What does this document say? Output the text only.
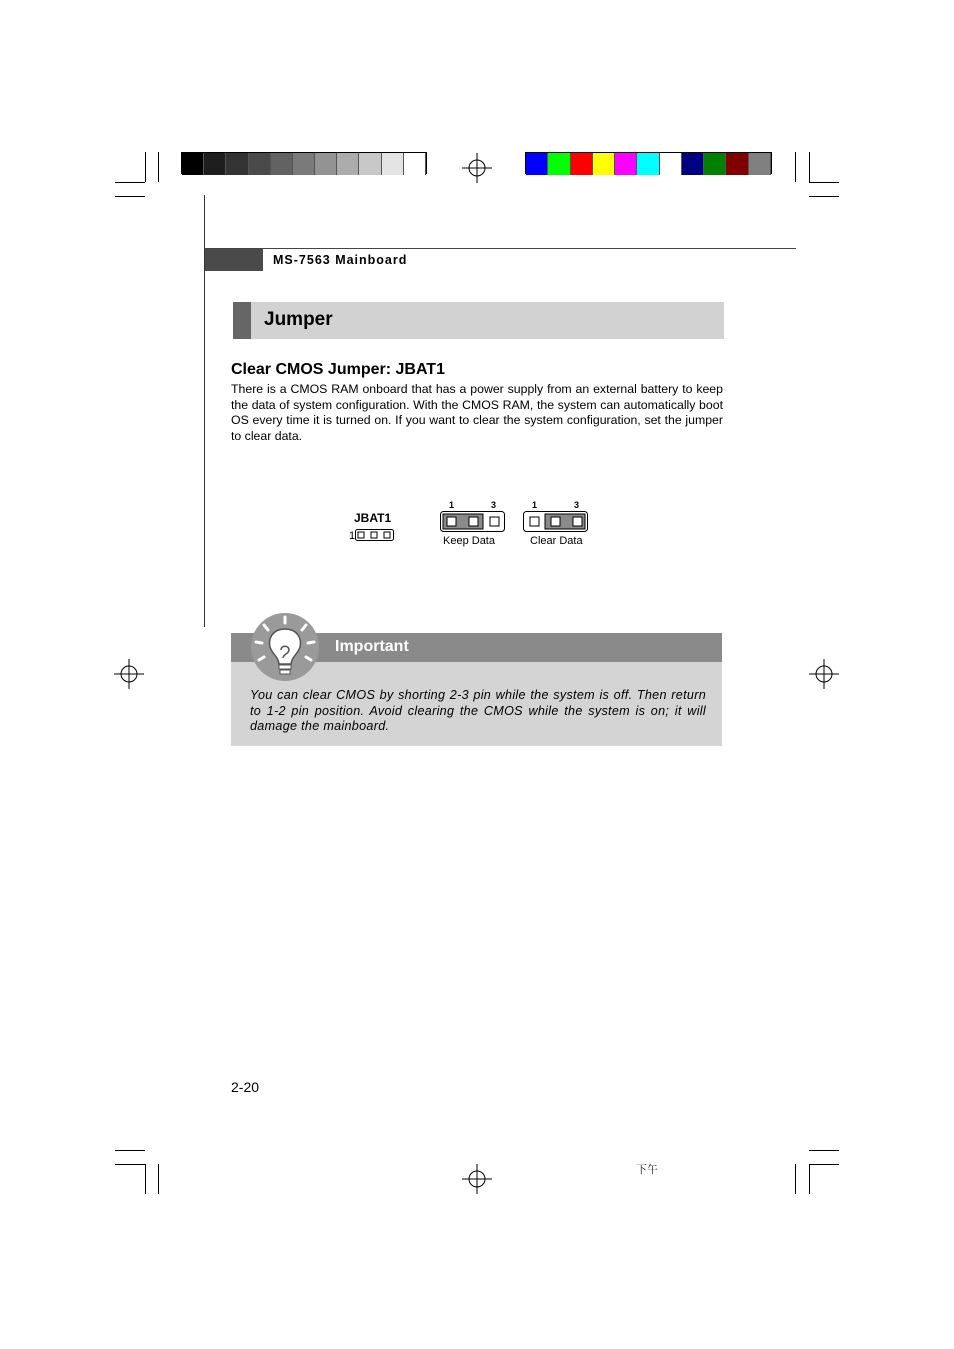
MS-7563 Mainboard
Jumper
Clear CMOS Jumper: JBAT1
There is a CMOS RAM onboard that has a power supply from an external battery to keep the data of system configuration. With the CMOS RAM, the system can automatically boot OS every time it is turned on. If you want to clear the system configuration, set the jumper to clear data.
JBAT1
1
1	3
Keep Data
1	3
Clear Data
Important
You can clear CMOS by shorting 2-3 pin while the system is off. Then return to 1-2 pin position. Avoid clearing the CMOS while the system is on; it will damage the mainboard.
2-20
下午
